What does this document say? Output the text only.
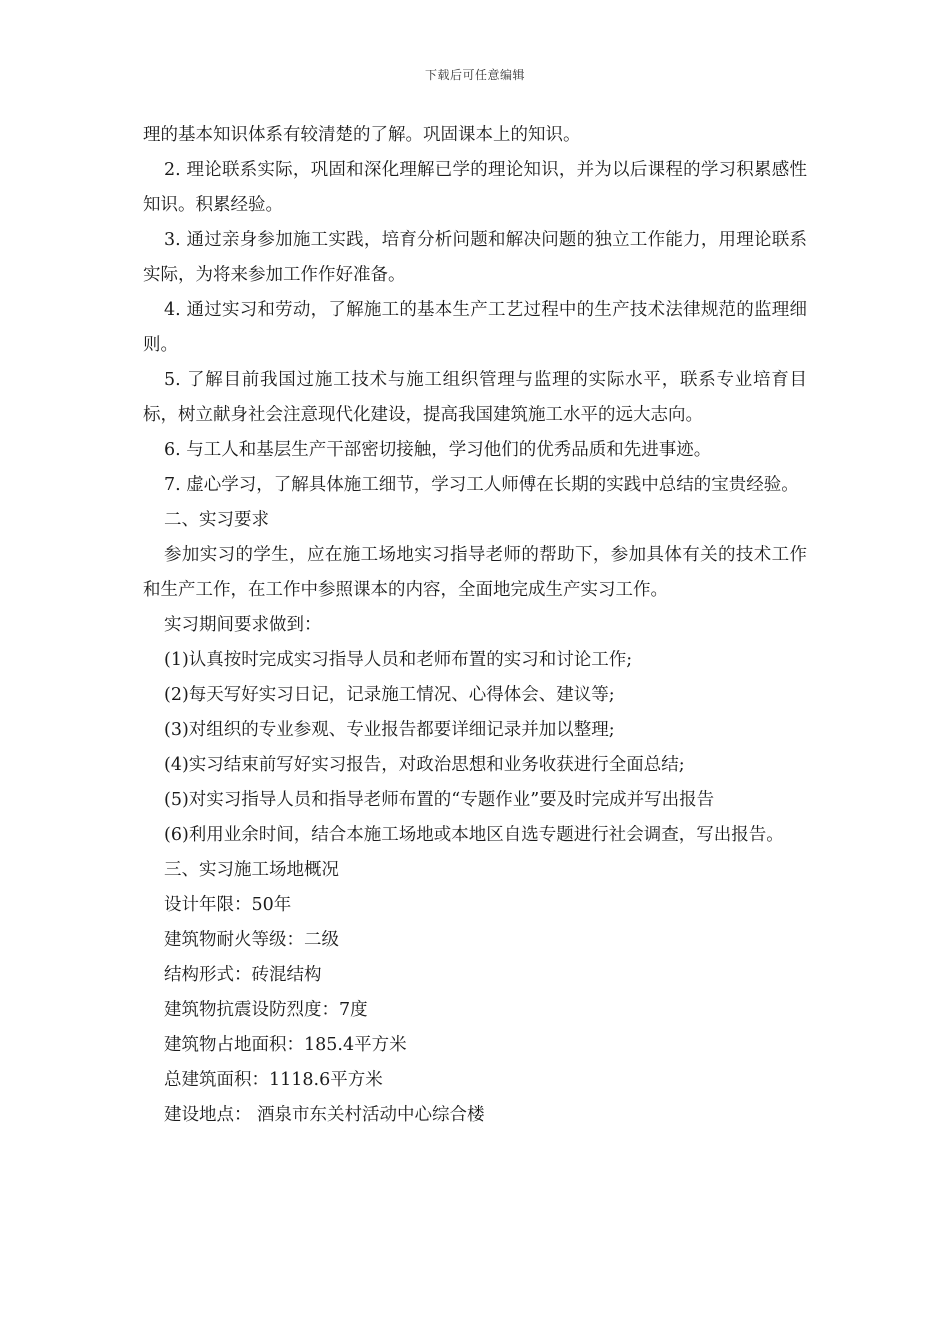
下载后可任意编辑

理的基本知识体系有较清楚的了解。巩固课本上的知识。

2. 理论联系实际，巩固和深化理解已学的理论知识，并为以后课程的学习积累感性知识。积累经验。

3. 通过亲身参加施工实践，培育分析问题和解决问题的独立工作能力，用理论联系实际，为将来参加工作作好准备。

4. 通过实习和劳动，了解施工的基本生产工艺过程中的生产技术法律规范的监理细则。

5. 了解目前我国过施工技术与施工组织管理与监理的实际水平，联系专业培育目标，树立献身社会注意现代化建设，提高我国建筑施工水平的远大志向。

6. 与工人和基层生产干部密切接触，学习他们的优秀品质和先进事迹。

7. 虚心学习，了解具体施工细节，学习工人师傅在长期的实践中总结的宝贵经验。

二、实习要求

参加实习的学生，应在施工场地实习指导老师的帮助下，参加具体有关的技术工作和生产工作，在工作中参照课本的内容，全面地完成生产实习工作。

实习期间要求做到：

(1)认真按时完成实习指导人员和老师布置的实习和讨论工作;

(2)每天写好实习日记，记录施工情况、心得体会、建议等;

(3)对组织的专业参观、专业报告都要详细记录并加以整理;

(4)实习结束前写好实习报告，对政治思想和业务收获进行全面总结;

(5)对实习指导人员和指导老师布置的“专题作业”要及时完成并写出报告

(6)利用业余时间，结合本施工场地或本地区自选专题进行社会调查，写出报告。

三、实习施工场地概况

设计年限：50年

建筑物耐火等级：二级

结构形式：砖混结构

建筑物抗震设防烈度：7度

建筑物占地面积：185.4平方米

总建筑面积：1118.6平方米

建设地点： 酒泉市东关村活动中心综合楼
